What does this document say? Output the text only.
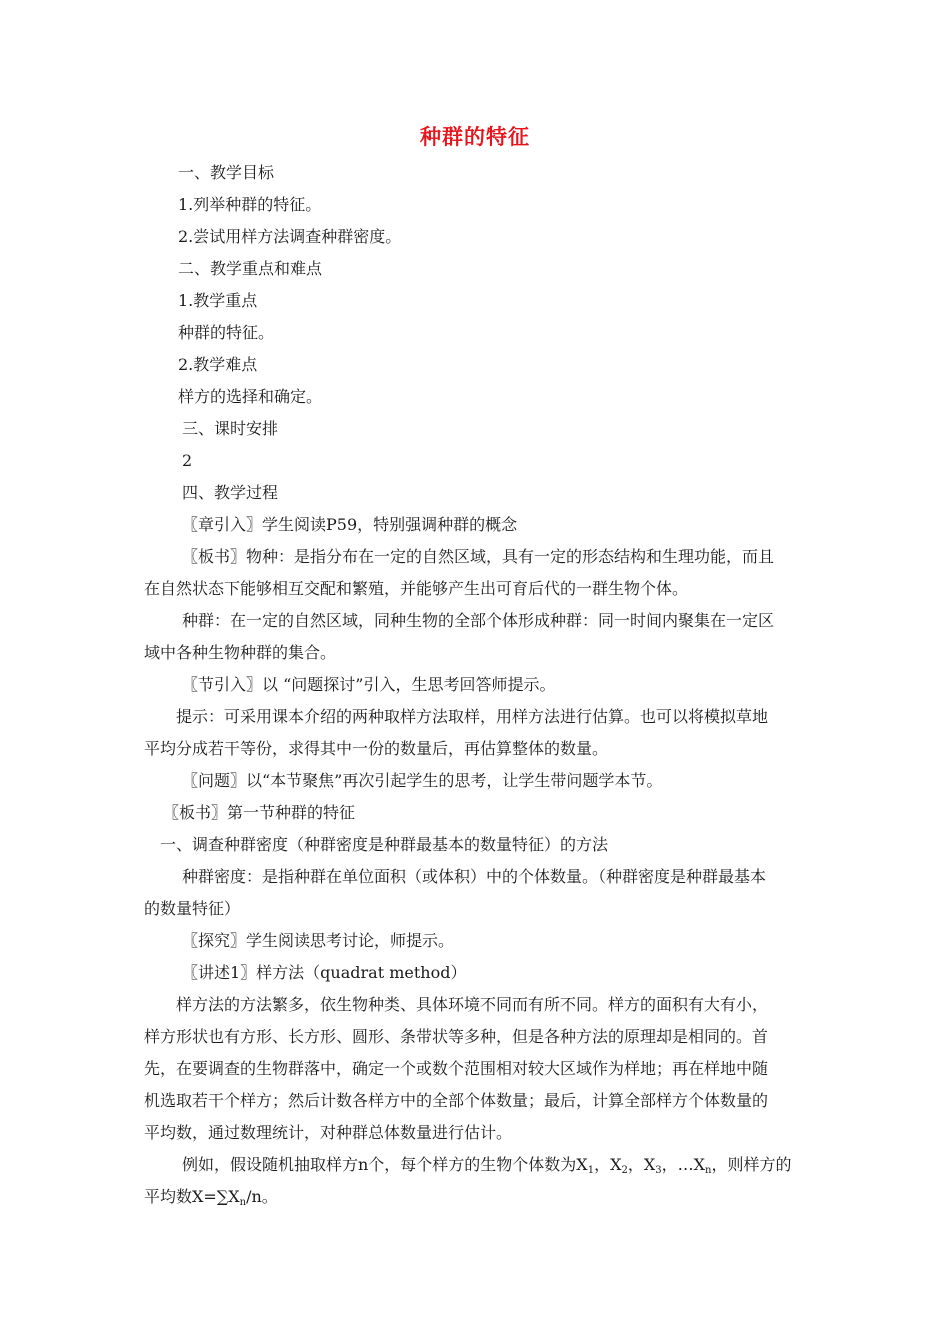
种群的特征
一、教学目标
1.列举种群的特征。
2.尝试用样方法调查种群密度。
二、教学重点和难点
1.教学重点
种群的特征。
2.教学难点
样方的选择和确定。
三、课时安排
2
四、教学过程
〖章引入〗学生阅读P59，特别强调种群的概念
〖板书〗物种：是指分布在一定的自然区域，具有一定的形态结构和生理功能，而且
在自然状态下能够相互交配和繁殖，并能够产生出可育后代的一群生物个体。
种群：在一定的自然区域，同种生物的全部个体形成种群：同一时间内聚集在一定区
域中各种生物种群的集合。
〖节引入〗以 “问题探讨”引入，生思考回答师提示。
提示：可采用课本介绍的两种取样方法取样，用样方法进行估算。也可以将模拟草地
平均分成若干等份，求得其中一份的数量后，再估算整体的数量。
〖问题〗以“本节聚焦”再次引起学生的思考，让学生带问题学本节。
〖板书〗第一节种群的特征
一、调查种群密度（种群密度是种群最基本的数量特征）的方法
种群密度：是指种群在单位面积（或体积）中的个体数量。（种群密度是种群最基本
的数量特征）
〖探究〗学生阅读思考讨论，师提示。
〖讲述1〗样方法（quadrat method）
样方法的方法繁多，依生物种类、具体环境不同而有所不同。样方的面积有大有小，
样方形状也有方形、长方形、圆形、条带状等多种，但是各种方法的原理却是相同的。首
先，在要调查的生物群落中，确定一个或数个范围相对较大区域作为样地；再在样地中随
机选取若干个样方；然后计数各样方中的全部个体数量；最后，计算全部样方个体数量的
平均数，通过数理统计，对种群总体数量进行估计。
例如，假设随机抽取样方n个，每个样方的生物个体数为$X_1$，$X_2$，$X_3$，$\dots X_n$，则样方的
平均数$X=\sum X_n/n$。
